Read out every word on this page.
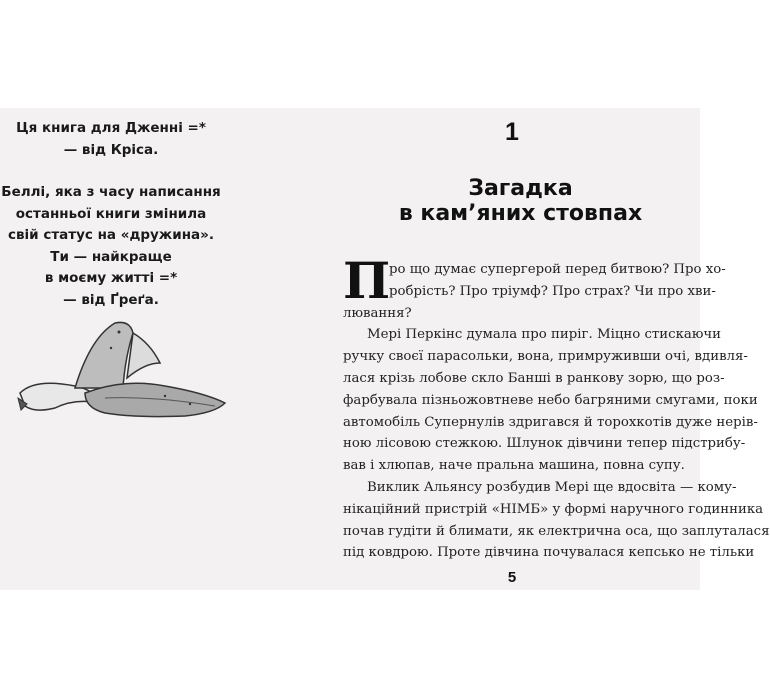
Ця книга для Дженні =*
— від Кріса.
Беллі, яка з часу написання
останньої книги змінила
свій статус на «дружина».
Ти — найкраще
в моєму житті =*
— від Ґреґа.
1
Загадка
в кам’яних стовпах
П
ро що думає супергерой перед битвою? Про хо-
робрість? Про тріумф? Про страх? Чи про хви-
лювання?
Мері Перкінс думала про пиріг. Міцно стискаючи
ручку своєї парасольки, вона, примруживши очі, вдивля-
лася крізь лобове скло Банші в ранкову зорю, що роз-
фарбувала пізньожовтневе небо багряними смугами, поки
автомобіль Супернулів здригався й торохкотів дуже нерів-
ною лісовою стежкою. Шлунок дівчини тепер підстрибу-
вав і хлюпав, наче пральна машина, повна супу.
Виклик Альянсу розбудив Мері ще вдосвіта — кому-
нікаційний пристрій «НІМБ» у формі наручного годинника
почав гудіти й блимати, як електрична оса, що заплуталася
під ковдрою. Проте дівчина почувалася кепсько не тільки
5
